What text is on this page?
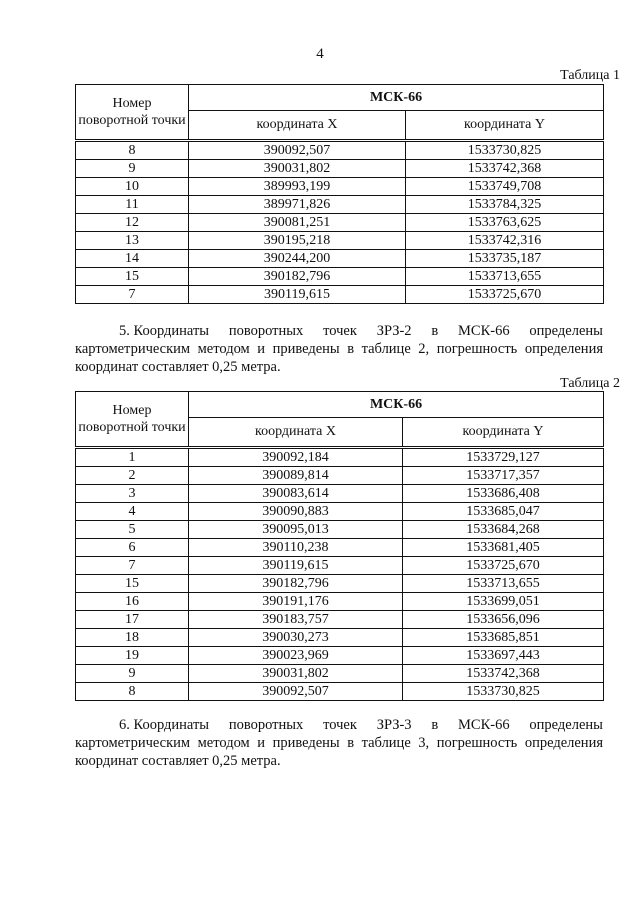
4
Таблица 1
Номер поворотной точки	МСК-66	
	координата X	координата Y
8	390092,507	1533730,825
9	390031,802	1533742,368
10	389993,199	1533749,708
11	389971,826	1533784,325
12	390081,251	1533763,625
13	390195,218	1533742,316
14	390244,200	1533735,187
15	390182,796	1533713,655
7	390119,615	1533725,670
5. Координаты поворотных точек ЗРЗ-2 в МСК-66 определены
картометрическим методом и приведены в таблице 2, погрешность определения координат составляет 0,25 метра.
Таблица 2
Номер поворотной точки	МСК-66	
	координата X	координата Y
1	390092,184	1533729,127
2	390089,814	1533717,357
3	390083,614	1533686,408
4	390090,883	1533685,047
5	390095,013	1533684,268
6	390110,238	1533681,405
7	390119,615	1533725,670
15	390182,796	1533713,655
16	390191,176	1533699,051
17	390183,757	1533656,096
18	390030,273	1533685,851
19	390023,969	1533697,443
9	390031,802	1533742,368
8	390092,507	1533730,825
6. Координаты поворотных точек ЗРЗ-3 в МСК-66 определены
картометрическим методом и приведены в таблице 3, погрешность определения координат составляет 0,25 метра.
